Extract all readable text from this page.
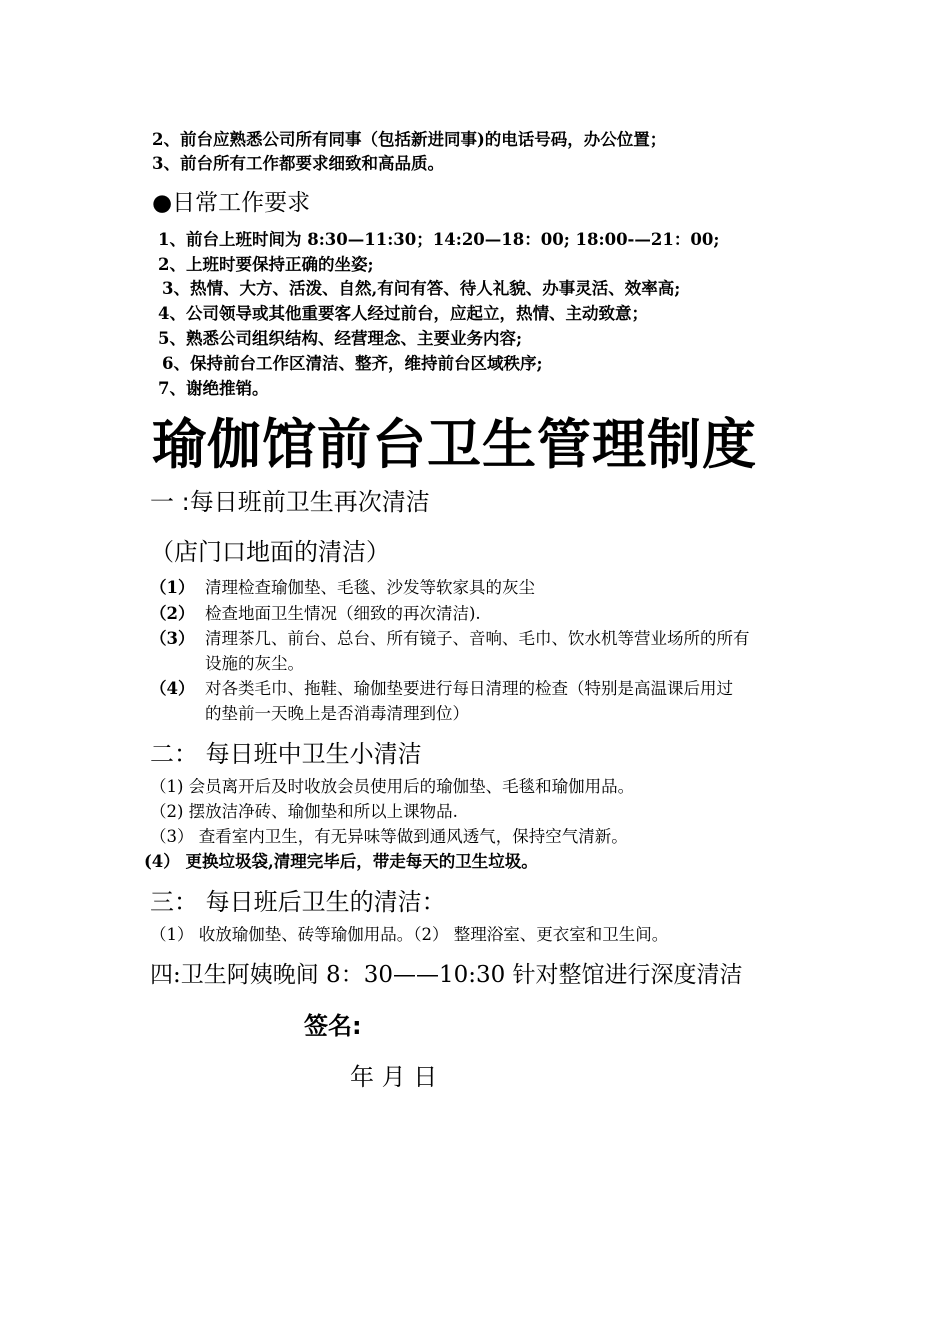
2、前台应熟悉公司所有同事（包括新进同事)的电话号码，办公位置；

3、前台所有工作都要求细致和高品质。

●日常工作要求

1、前台上班时间为 8:30—11:30；14:20—18：00; 18:00-—21：00;

2、上班时要保持正确的坐姿;

3、热情、大方、活泼、自然,有问有答、待人礼貌、办事灵活、效率高;

4、公司领导或其他重要客人经过前台，应起立，热情、主动致意；

5、熟悉公司组织结构、经营理念、主要业务内容;

6、保持前台工作区清洁、整齐，维持前台区域秩序;

7、谢绝推销。

瑜伽馆前台卫生管理制度

一 :每日班前卫生再次清洁

（店门口地面的清洁）

（1） 清理检查瑜伽垫、毛毯、沙发等软家具的灰尘
（2） 检查地面卫生情况（细致的再次清洁).
（3） 清理茶几、前台、总台、所有镜子、音响、毛巾、饮水机等营业场所的所有
设施的灰尘。
（4） 对各类毛巾、拖鞋、瑜伽垫要进行每日清理的检查（特别是高温课后用过
的垫前一天晚上是否消毒清理到位）

二： 每日班中卫生小清洁

（1) 会员离开后及时收放会员使用后的瑜伽垫、毛毯和瑜伽用品。

（2) 摆放洁净砖、瑜伽垫和所以上课物品.

（3） 查看室内卫生，有无异味等做到通风透气，保持空气清新。

(4） 更换垃圾袋,清理完毕后，带走每天的卫生垃圾。

三： 每日班后卫生的清洁：

（1） 收放瑜伽垫、砖等瑜伽用品。（2） 整理浴室、更衣室和卫生间。

四:卫生阿姨晚间 8：30——10:30 针对整馆进行深度清洁

签名:

年 月 日
